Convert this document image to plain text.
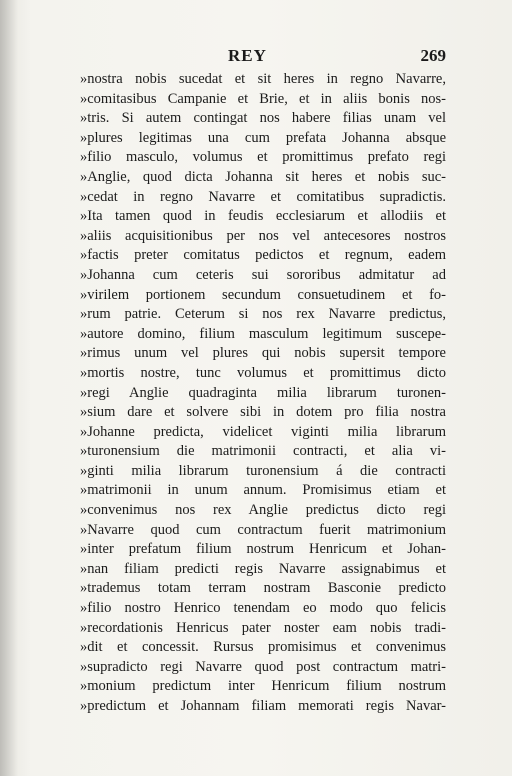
REY	269
»nostra nobis sucedat et sit heres in regno Navarre,
»comitasibus Campanie et Brie, et in aliis bonis nos-
»tris. Si autem contingat nos habere filias unam vel
»plures legitimas una cum prefata Johanna absque
»filio masculo, volumus et promittimus prefato regi
»Anglie, quod dicta Johanna sit heres et nobis suc-
»cedat in regno Navarre et comitatibus supradictis.
»Ita tamen quod in feudis ecclesiarum et allodiis et
»aliis acquisitionibus per nos vel antecesores nostros
»factis preter comitatus pedictos et regnum, eadem
»Johanna cum ceteris sui sororibus admitatur ad
»virilem portionem secundum consuetudinem et fo-
»rum patrie. Ceterum si nos rex Navarre predictus,
»autore domino, filium masculum legitimum suscepe-
»rimus unum vel plures qui nobis supersit tempore
»mortis nostre, tunc volumus et promittimus dicto
»regi Anglie quadraginta milia librarum turonen-
»sium dare et solvere sibi in dotem pro filia nostra
»Johanne predicta, videlicet viginti milia librarum
»turonensium die matrimonii contracti, et alia vi-
»ginti milia librarum turonensium á die contracti
»matrimonii in unum annum. Promisimus etiam et
»convenimus nos rex Anglie predictus dicto regi
»Navarre quod cum contractum fuerit matrimonium
»inter prefatum filium nostrum Henricum et Johan-
»nan filiam predicti regis Navarre assignabimus et
»trademus totam terram nostram Basconie predicto
»filio nostro Henrico tenendam eo modo quo felicis
»recordationis Henricus pater noster eam nobis tradi-
»dit et concessit. Rursus promisimus et convenimus
»supradicto regi Navarre quod post contractum matri-
»monium predictum inter Henricum filium nostrum
»predictum et Johannam filiam memorati regis Navar-
